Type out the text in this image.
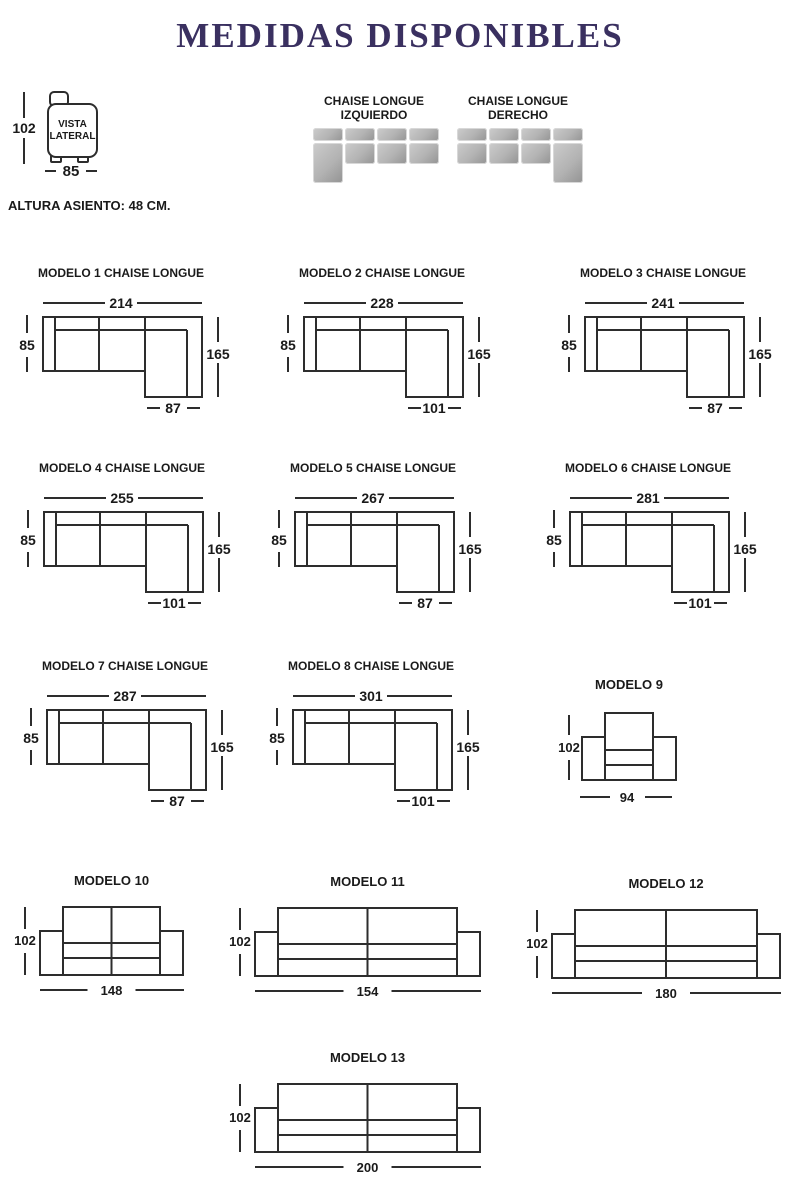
MEDIDAS DISPONIBLES
102	VISTA LATERAL
85
ALTURA ASIENTO: 48 CM.
CHAISE LONGUE IZQUIERDO
CHAISE LONGUE DERECHO
MODELO 1 CHAISE LONGUE
214
85
165
87
MODELO 2 CHAISE LONGUE
228
85
165
101
MODELO 3 CHAISE LONGUE
241
85
165
87
MODELO 4 CHAISE LONGUE
255
85
165
101
MODELO 5 CHAISE LONGUE
267
85
165
87
MODELO 6 CHAISE LONGUE
281
85
165
101
MODELO 7 CHAISE LONGUE
287
85
165
87
MODELO 8 CHAISE LONGUE
301
85
165
101
MODELO 9
102
94
MODELO 10
102
148
MODELO 11
102
154
MODELO 12
102
180
MODELO 13
102
200
